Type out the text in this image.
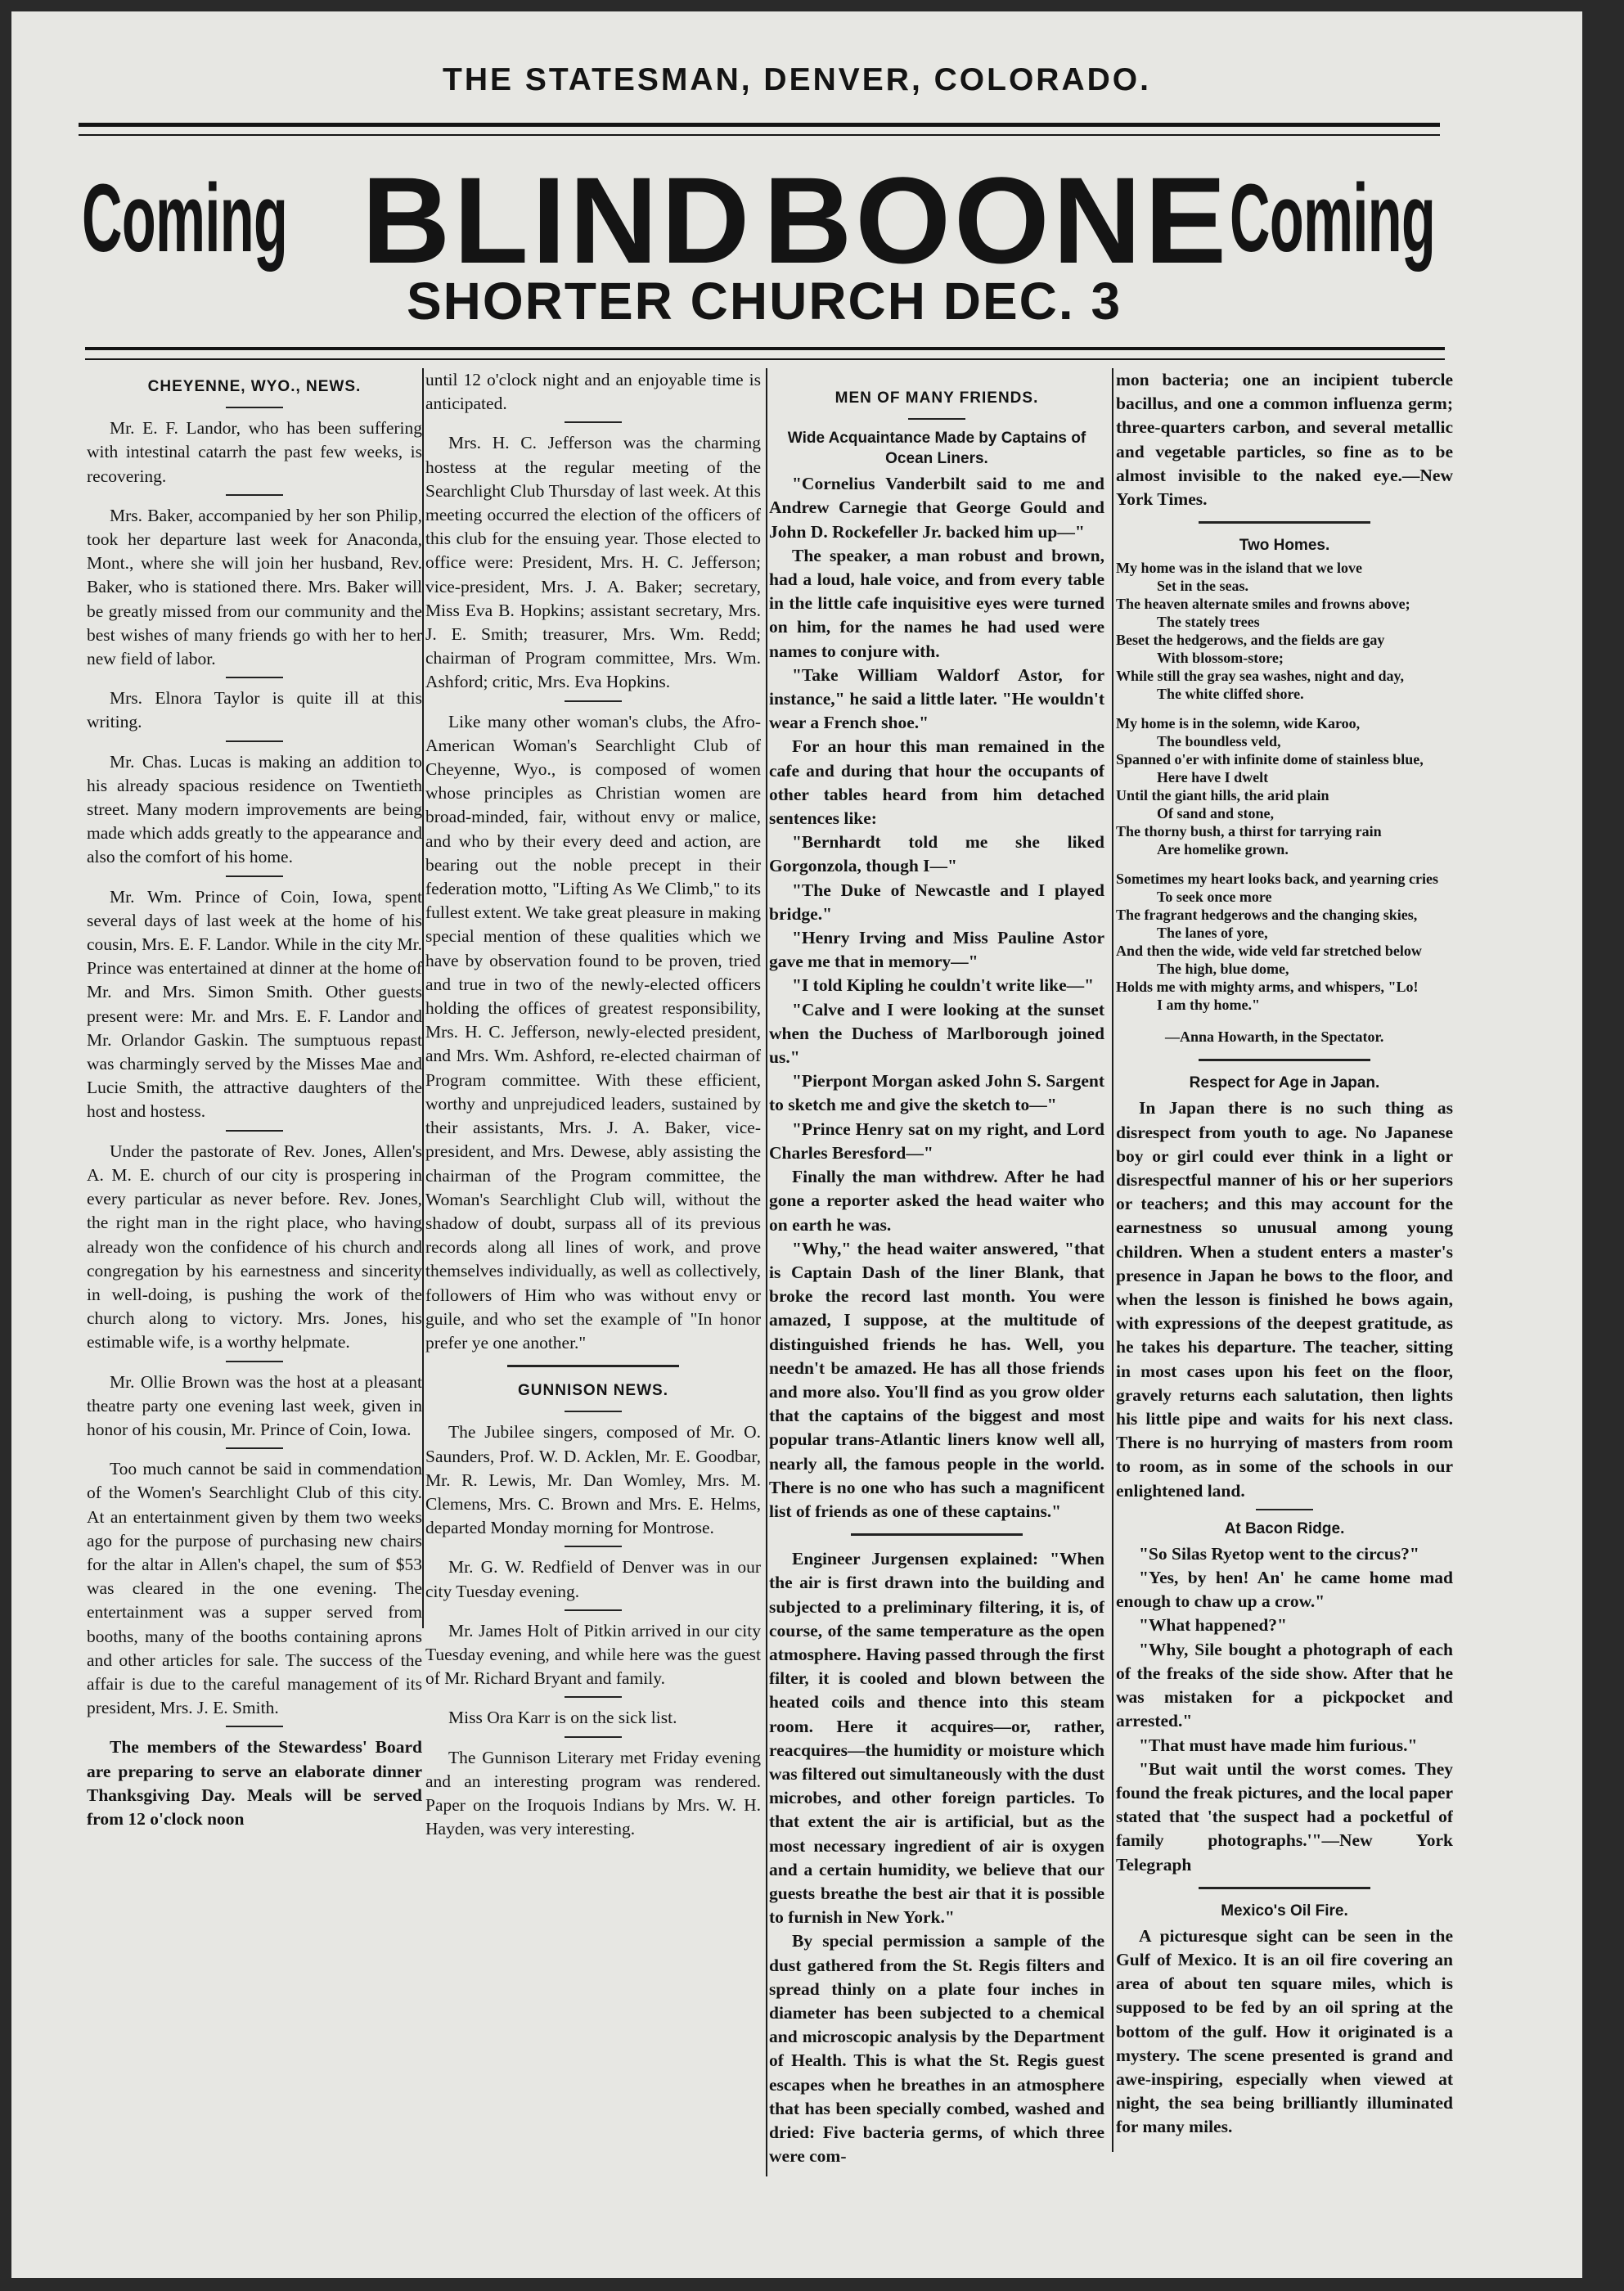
THE STATESMAN, DENVER, COLORADO.
Coming BLIND BOONE Coming
SHORTER CHURCH DEC. 3
CHEYENNE, WYO., NEWS.

Mr. E. F. Landor, who has been suffering with intestinal catarrh the past few weeks, is recovering.

Mrs. Baker, accompanied by her son Philip, took her departure last week for Anaconda, Mont., where she will join her husband, Rev. Baker, who is stationed there. Mrs. Baker will be greatly missed from our community and the best wishes of many friends go with her to her new field of labor.

Mrs. Elnora Taylor is quite ill at this writing.

Mr. Chas. Lucas is making an addition to his already spacious residence on Twentieth street. Many modern improvements are being made which adds greatly to the appearance and also the comfort of his home.

Mr. Wm. Prince of Coin, Iowa, spent several days of last week at the home of his cousin, Mrs. E. F. Landor. While in the city Mr. Prince was entertained at dinner at the home of Mr. and Mrs. Simon Smith. Other guests present were: Mr. and Mrs. E. F. Landor and Mr. Orlandor Gaskin. The sumptuous repast was charmingly served by the Misses Mae and Lucie Smith, the attractive daughters of the host and hostess.

Under the pastorate of Rev. Jones, Allen's A. M. E. church of our city is prospering in every particular as never before. Rev. Jones, the right man in the right place, who having already won the confidence of his church and congregation by his earnestness and sincerity in well-doing, is pushing the work of the church along to victory. Mrs. Jones, his estimable wife, is a worthy helpmate.

Mr. Ollie Brown was the host at a pleasant theatre party one evening last week, given in honor of his cousin, Mr. Prince of Coin, Iowa.

Too much cannot be said in commendation of the Women's Searchlight Club of this city. At an entertainment given by them two weeks ago for the purpose of purchasing new chairs for the altar in Allen's chapel, the sum of $53 was cleared in the one evening. The entertainment was a supper served from booths, many of the booths containing aprons and other articles for sale. The success of the affair is due to the careful management of its president, Mrs. J. E. Smith.

The members of the Stewardess' Board are preparing to serve an elaborate dinner Thanksgiving Day. Meals will be served from 12 o'clock noon

until 12 o'clock night and an enjoyable time is anticipated.

Mrs. H. C. Jefferson was the charming hostess at the regular meeting of the Searchlight Club Thursday of last week. At this meeting occurred the election of the officers of this club for the ensuing year. Those elected to office were: President, Mrs. H. C. Jefferson; vice-president, Mrs. J. A. Baker; secretary, Miss Eva B. Hopkins; assistant secretary, Mrs. J. E. Smith; treasurer, Mrs. Wm. Redd; chairman of Program committee, Mrs. Wm. Ashford; critic, Mrs. Eva Hopkins.

Like many other woman's clubs, the Afro-American Woman's Searchlight Club of Cheyenne, Wyo., is composed of women whose principles as Christian women are broad-minded, fair, without envy or malice, and who by their every deed and action, are bearing out the noble precept in their federation motto, "Lifting As We Climb," to its fullest extent. We take great pleasure in making special mention of these qualities which we have by observation found to be proven, tried and true in two of the newly-elected officers holding the offices of greatest responsibility, Mrs. H. C. Jefferson, newly-elected president, and Mrs. Wm. Ashford, re-elected chairman of Program committee. With these efficient, worthy and unprejudiced leaders, sustained by their assistants, Mrs. J. A. Baker, vice-president, and Mrs. Dewese, ably assisting the chairman of the Program committee, the Woman's Searchlight Club will, without the shadow of doubt, surpass all of its previous records along all lines of work, and prove themselves individually, as well as collectively, followers of Him who was without envy or guile, and who set the example of "In honor prefer ye one another."

GUNNISON NEWS.

The Jubilee singers, composed of Mr. O. Saunders, Prof. W. D. Acklen, Mr. E. Goodbar, Mr. R. Lewis, Mr. Dan Womley, Mrs. M. Clemens, Mrs. C. Brown and Mrs. E. Helms, departed Monday morning for Montrose.

Mr. G. W. Redfield of Denver was in our city Tuesday evening.

Mr. James Holt of Pitkin arrived in our city Tuesday evening, and while here was the guest of Mr. Richard Bryant and family.

Miss Ora Karr is on the sick list.

The Gunnison Literary met Friday evening and an interesting program was rendered. Paper on the Iroquois Indians by Mrs. W. H. Hayden, was very interesting.

MEN OF MANY FRIENDS.
Wide Acquaintance Made by Captains of Ocean Liners.

"Cornelius Vanderbilt said to me and Andrew Carnegie that George Gould and John D. Rockefeller Jr. backed him up—"

The speaker, a man robust and brown, had a loud, hale voice, and from every table in the little cafe inquisitive eyes were turned on him, for the names he had used were names to conjure with.

"Take William Waldorf Astor, for instance," he said a little later. "He wouldn't wear a French shoe."

For an hour this man remained in the cafe and during that hour the occupants of other tables heard from him detached sentences like:

"Bernhardt told me she liked Gorgonzola, though I—"

"The Duke of Newcastle and I played bridge."

"Henry Irving and Miss Pauline Astor gave me that in memory—"

"I told Kipling he couldn't write like—"

"Calve and I were looking at the sunset when the Duchess of Marlborough joined us."

"Pierpont Morgan asked John S. Sargent to sketch me and give the sketch to—"

"Prince Henry sat on my right, and Lord Charles Beresford—"

Finally the man withdrew. After he had gone a reporter asked the head waiter who on earth he was.

"Why," the head waiter answered, "that is Captain Dash of the liner Blank, that broke the record last month. You were amazed, I suppose, at the multitude of distinguished friends he has. Well, you needn't be amazed. He has all those friends and more also. You'll find as you grow older that the captains of the biggest and most popular trans-Atlantic liners know well all, nearly all, the famous people in the world. There is no one who has such a magnificent list of friends as one of these captains."

Engineer Jurgensen explained: "When the air is first drawn into the building and subjected to a preliminary filtering, it is, of course, of the same temperature as the open atmosphere. Having passed through the first filter, it is cooled and blown between the heated coils and thence into this steam room. Here it acquires—or, rather, reacquires—the humidity or moisture which was filtered out simultaneously with the dust microbes, and other foreign particles. To that extent the air is artificial, but as the most necessary ingredient of air is oxygen and a certain humidity, we believe that our guests breathe the best air that it is possible to furnish in New York."

By special permission a sample of the dust gathered from the St. Regis filters and spread thinly on a plate four inches in diameter has been subjected to a chemical and microscopic analysis by the Department of Health. This is what the St. Regis guest escapes when he breathes in an atmosphere that has been specially combed, washed and dried: Five bacteria germs, of which three were com-

mon bacteria; one an incipient tubercle bacillus, and one a common influenza germ; three-quarters carbon, and several metallic and vegetable particles, so fine as to be almost invisible to the naked eye.—New York Times.

Two Homes.
My home was in the island that we love
Set in the seas.
The heaven alternate smiles and frowns above;
The stately trees
Beset the hedgerows, and the fields are gay
With blossom-store;
While still the gray sea washes, night and day,
The white cliffed shore.
My home is in the solemn, wide Karoo,
The boundless veld,
Spanned o'er with infinite dome of stainless blue,
Here have I dwelt
Until the giant hills, the arid plain
Of sand and stone,
The thorny bush, a thirst for tarrying rain
Are homelike grown.
Sometimes my heart looks back, and yearning cries
To seek once more
The fragrant hedgerows and the changing skies,
The lanes of yore,
And then the wide, wide veld far stretched below
The high, blue dome,
Holds me with mighty arms, and whispers, "Lo!
I am thy home."

—Anna Howarth, in the Spectator.

Respect for Age in Japan.

In Japan there is no such thing as disrespect from youth to age. No Japanese boy or girl could ever think in a light or disrespectful manner of his or her superiors or teachers; and this may account for the earnestness so unusual among young children. When a student enters a master's presence in Japan he bows to the floor, and when the lesson is finished he bows again, with expressions of the deepest gratitude, as he takes his departure. The teacher, sitting in most cases upon his feet on the floor, gravely returns each salutation, then lights his little pipe and waits for his next class. There is no hurrying of masters from room to room, as in some of the schools in our enlightened land.

At Bacon Ridge.

"So Silas Ryetop went to the circus?"

"Yes, by hen! An' he came home mad enough to chaw up a crow."

"What happened?"

"Why, Sile bought a photograph of each of the freaks of the side show. After that he was mistaken for a pickpocket and arrested."

"That must have made him furious."

"But wait until the worst comes. They found the freak pictures, and the local paper stated that 'the suspect had a pocketful of family photographs.'"—New York Telegraph

Mexico's Oil Fire.

A picturesque sight can be seen in the Gulf of Mexico. It is an oil fire covering an area of about ten square miles, which is supposed to be fed by an oil spring at the bottom of the gulf. How it originated is a mystery. The scene presented is grand and awe-inspiring, especially when viewed at night, the sea being brilliantly illuminated for many miles.
